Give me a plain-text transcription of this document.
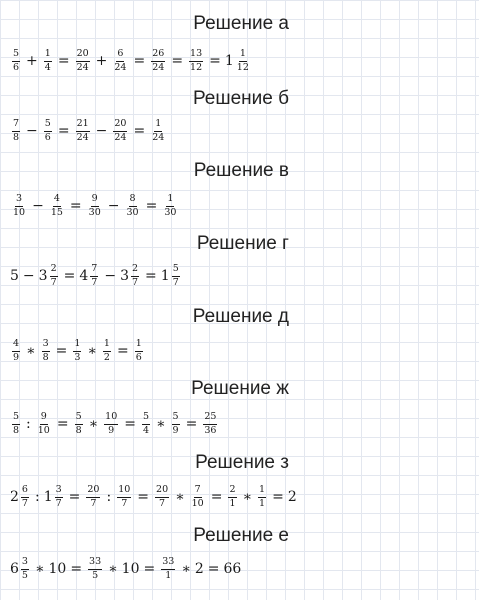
Решение а
$\frac{5}{6} + \frac{1}{4} = \frac{20}{24} + \frac{6}{24} = \frac{26}{24} = \frac{13}{12} = 1 \frac{1}{12}$
Решение б
$\frac{7}{8} - \frac{5}{6} = \frac{21}{24} - \frac{20}{24} = \frac{1}{24}$
Решение в
$\frac{3}{10} - \frac{4}{15} = \frac{9}{30} - \frac{8}{30} = \frac{1}{30}$
Решение г
$5 - 3 \frac{2}{7} = 4 \frac{7}{7} - 3 \frac{2}{7} = 1 \frac{5}{7}$
Решение д
$\frac{4}{9}$ ∗ $\frac{3}{8} = \frac{1}{3}$ ∗ $\frac{1}{2} = \frac{1}{6}$
Решение ж
$\frac{5}{8}$ : $\frac{9}{10} = \frac{5}{8}$ ∗ $\frac{10}{9} = \frac{5}{4}$ ∗ $\frac{5}{9} = \frac{25}{36}$
Решение з
$2 \frac{6}{7}$ : $1 \frac{3}{7} = \frac{20}{7}$ : $\frac{10}{7} = \frac{20}{7}$ ∗ $\frac{7}{10} = \frac{2}{1}$ ∗ $\frac{1}{1} = 2$
Решение е
$6 \frac{3}{5}$ ∗ $10 = \frac{33}{5}$ ∗ $10 = \frac{33}{1}$ ∗ 2 = 66
